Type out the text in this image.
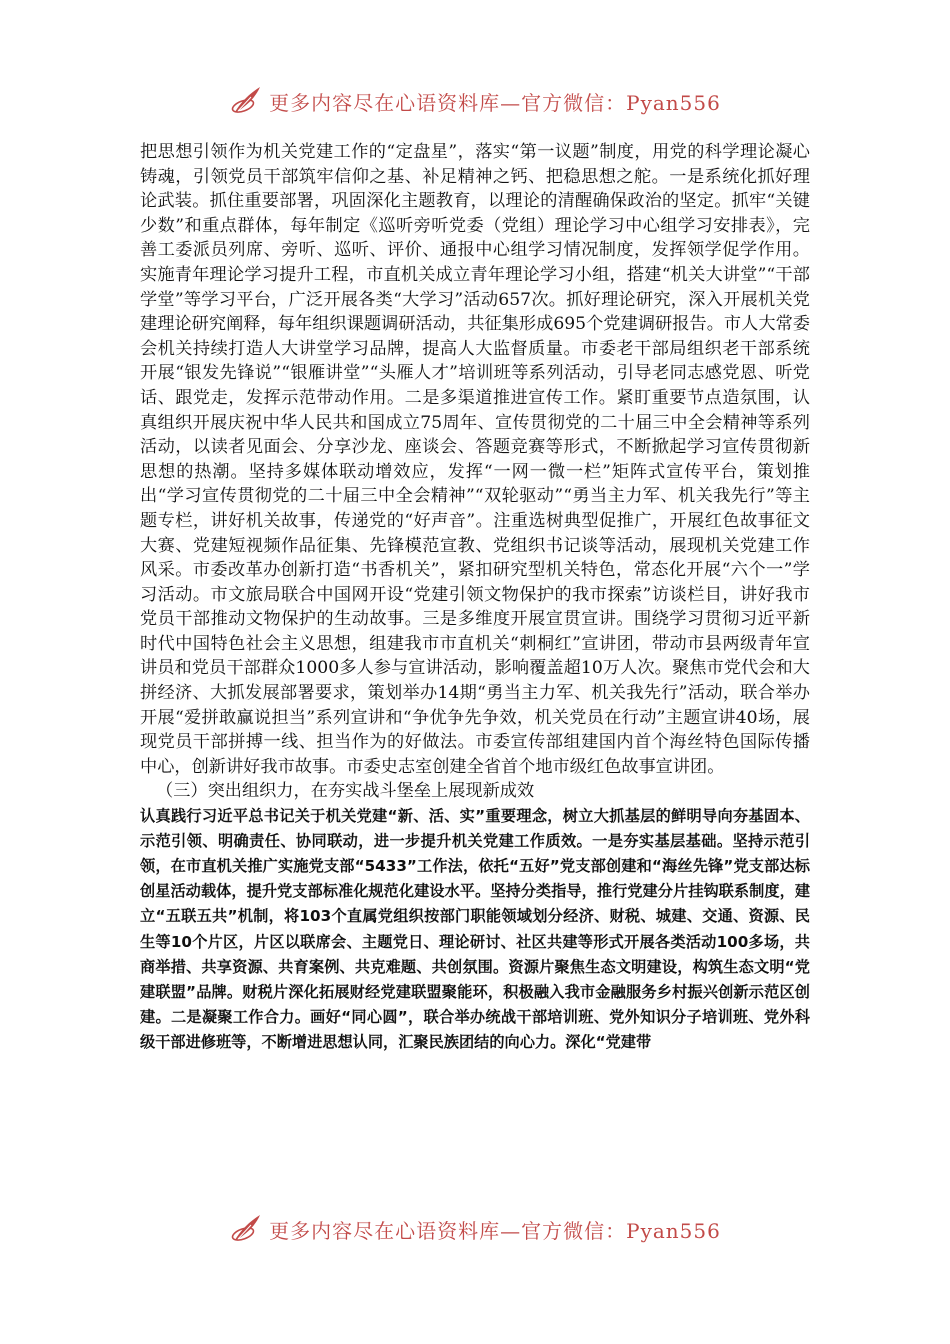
更多内容尽在心语资料库—官方微信：Pyan556

把思想引领作为机关党建工作的“定盘星”，落实“第一议题”制度，用党的科学理论凝心铸魂，引领党员干部筑牢信仰之基、补足精神之钙、把稳思想之舵。一是系统化抓好理论武装。抓住重要部署，巩固深化主题教育，以理论的清醒确保政治的坚定。抓牢“关键少数”和重点群体，每年制定《巡听旁听党委（党组）理论学习中心组学习安排表》，完善工委派员列席、旁听、巡听、评价、通报中心组学习情况制度，发挥领学促学作用。实施青年理论学习提升工程，市直机关成立青年理论学习小组，搭建“机关大讲堂”“干部学堂”等学习平台，广泛开展各类“大学习”活动657次。抓好理论研究，深入开展机关党建理论研究阐释，每年组织课题调研活动，共征集形成695个党建调研报告。市人大常委会机关持续打造人大讲堂学习品牌，提高人大监督质量。市委老干部局组织老干部系统开展“银发先锋说”“银雁讲堂”“头雁人才”培训班等系列活动，引导老同志感党恩、听党话、跟党走，发挥示范带动作用。二是多渠道推进宣传工作。紧盯重要节点造氛围，认真组织开展庆祝中华人民共和国成立75周年、宣传贯彻党的二十届三中全会精神等系列活动，以读者见面会、分享沙龙、座谈会、答题竞赛等形式，不断掀起学习宣传贯彻新思想的热潮。坚持多媒体联动增效应，发挥“一网一微一栏”矩阵式宣传平台，策划推出“学习宣传贯彻党的二十届三中全会精神”“双轮驱动”“勇当主力军、机关我先行”等主题专栏，讲好机关故事，传递党的“好声音”。注重选树典型促推广，开展红色故事征文大赛、党建短视频作品征集、先锋模范宣教、党组织书记谈等活动，展现机关党建工作风采。市委改革办创新打造“书香机关”，紧扣研究型机关特色，常态化开展“六个一”学习活动。市文旅局联合中国网开设“党建引领文物保护的我市探索”访谈栏目，讲好我市党员干部推动文物保护的生动故事。三是多维度开展宣贯宣讲。围绕学习贯彻习近平新时代中国特色社会主义思想，组建我市市直机关“刺桐红”宣讲团，带动市县两级青年宣讲员和党员干部群众1000多人参与宣讲活动，影响覆盖超10万人次。聚焦市党代会和大拼经济、大抓发展部署要求，策划举办14期“勇当主力军、机关我先行”活动，联合举办开展“爱拼敢赢说担当”系列宣讲和“争优争先争效，机关党员在行动”主题宣讲40场，展现党员干部拼搏一线、担当作为的好做法。市委宣传部组建国内首个海丝特色国际传播中心，创新讲好我市故事。市委史志室创建全省首个地市级红色故事宣讲团。

（三）突出组织力，在夯实战斗堡垒上展现新成效

认真践行习近平总书记关于机关党建“新、活、实”重要理念，树立大抓基层的鲜明导向夯基固本、示范引领、明确责任、协同联动，进一步提升机关党建工作质效。一是夯实基层基础。坚持示范引领，在市直机关推广实施党支部“5433”工作法，依托“五好”党支部创建和“海丝先锋”党支部达标创星活动载体，提升党支部标准化规范化建设水平。坚持分类指导，推行党建分片挂钩联系制度，建立“五联五共”机制，将103个直属党组织按部门职能领域划分经济、财税、城建、交通、资源、民生等10个片区，片区以联席会、主题党日、理论研讨、社区共建等形式开展各类活动100多场，共商举措、共享资源、共育案例、共克难题、共创氛围。资源片聚焦生态文明建设，构筑生态文明“党建联盟”品牌。财税片深化拓展财经党建联盟聚能环，积极融入我市金融服务乡村振兴创新示范区创建。二是凝聚工作合力。画好“同心圆”，联合举办统战干部培训班、党外知识分子培训班、党外科级干部进修班等，不断增进思想认同，汇聚民族团结的向心力。深化“党建带

更多内容尽在心语资料库—官方微信：Pyan556
